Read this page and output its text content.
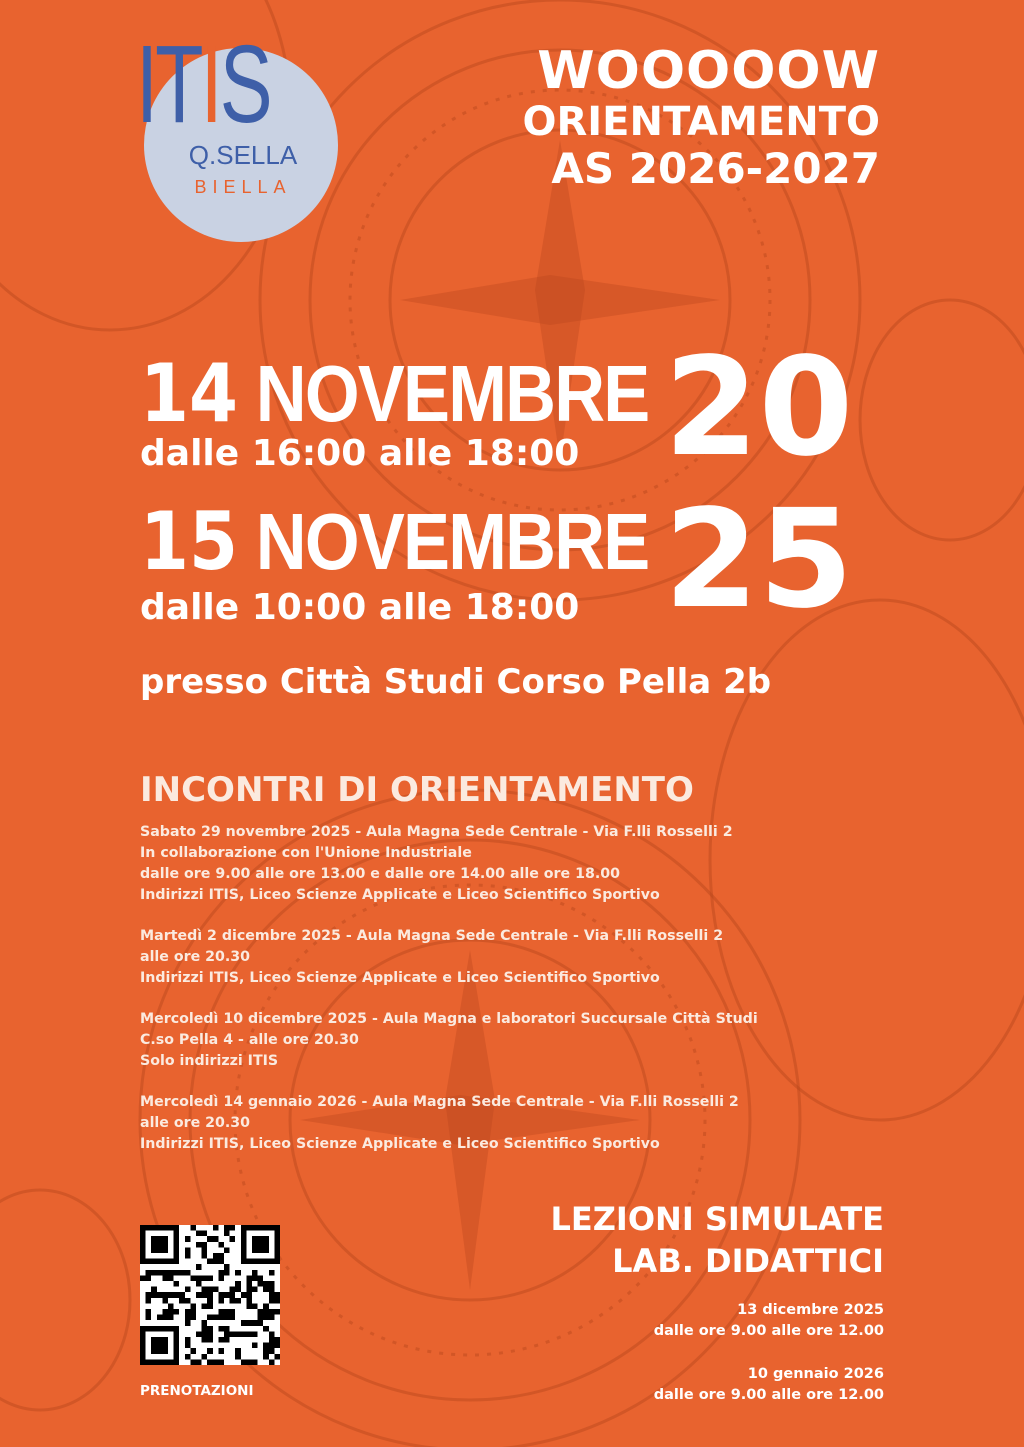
ITIS
Q.SELLA
BIELLA
WOOOOOW
ORIENTAMENTO
AS 2026-2027
14 NOVEMBRE
dalle 16:00 alle 18:00
15 NOVEMBRE
dalle 10:00 alle 18:00
20
25
presso Città Studi Corso Pella 2b
INCONTRI DI ORIENTAMENTO
Sabato 29 novembre 2025 - Aula Magna Sede Centrale - Via F.lli Rosselli 2
In collaborazione con l'Unione Industriale
dalle ore 9.00 alle ore 13.00 e dalle ore 14.00 alle ore 18.00
Indirizzi ITIS, Liceo Scienze Applicate e Liceo Scientifico Sportivo
Martedì 2 dicembre 2025 - Aula Magna Sede Centrale - Via F.lli Rosselli 2
alle ore 20.30
Indirizzi ITIS, Liceo Scienze Applicate e Liceo Scientifico Sportivo
Mercoledì 10 dicembre 2025 - Aula Magna e laboratori Succursale Città Studi
C.so Pella 4 - alle ore 20.30
Solo indirizzi ITIS
Mercoledì 14 gennaio 2026 - Aula Magna Sede Centrale - Via F.lli Rosselli 2
alle ore 20.30
Indirizzi ITIS, Liceo Scienze Applicate e Liceo Scientifico Sportivo
LEZIONI SIMULATE
LAB. DIDATTICI
13 dicembre 2025
dalle ore 9.00 alle ore 12.00
10 gennaio 2026
dalle ore 9.00 alle ore 12.00
PRENOTAZIONI
